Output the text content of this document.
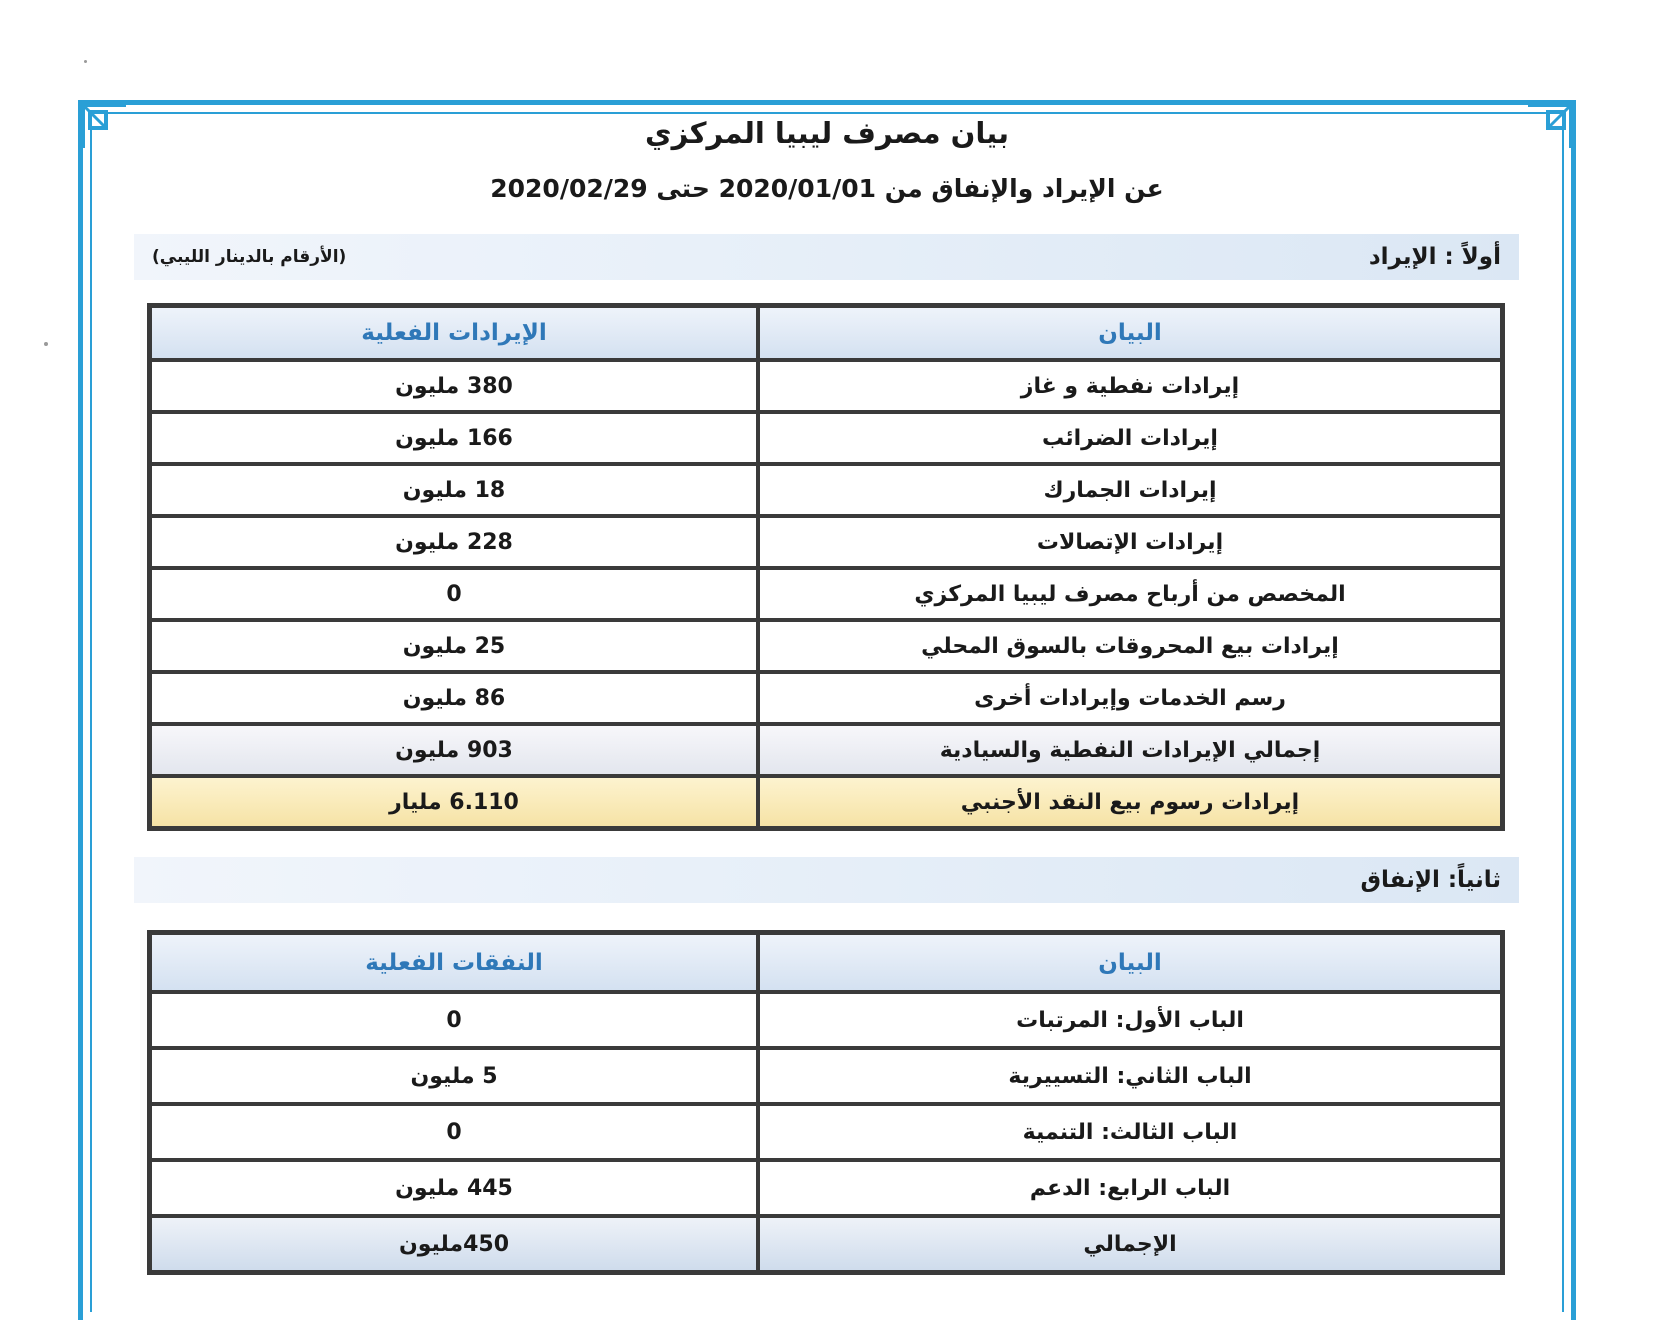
بيان مصرف ليبيا المركزي
عن الإيراد والإنفاق من 2020/01/01 حتى 2020/02/29
أولاً : الإيراد
(الأرقام بالدينار الليبي)
البيان	الإيرادات الفعلية
إيرادات نفطية و غاز	380 مليون
إيرادات الضرائب	166 مليون
إيرادات الجمارك	18 مليون
إيرادات الإتصالات	228 مليون
المخصص من أرباح مصرف ليبيا المركزي	0
إيرادات بيع المحروقات بالسوق المحلي	25 مليون
رسم الخدمات وإيرادات أخرى	86 مليون
إجمالي الإيرادات النفطية والسيادية	903 مليون
إيرادات رسوم بيع النقد الأجنبي	6.110 مليار
ثانياً: الإنفاق
البيان	النفقات الفعلية
الباب الأول: المرتبات	0
الباب الثاني: التسييرية	5 مليون
الباب الثالث: التنمية	0
الباب الرابع: الدعم	445 مليون
الإجمالي	450مليون
